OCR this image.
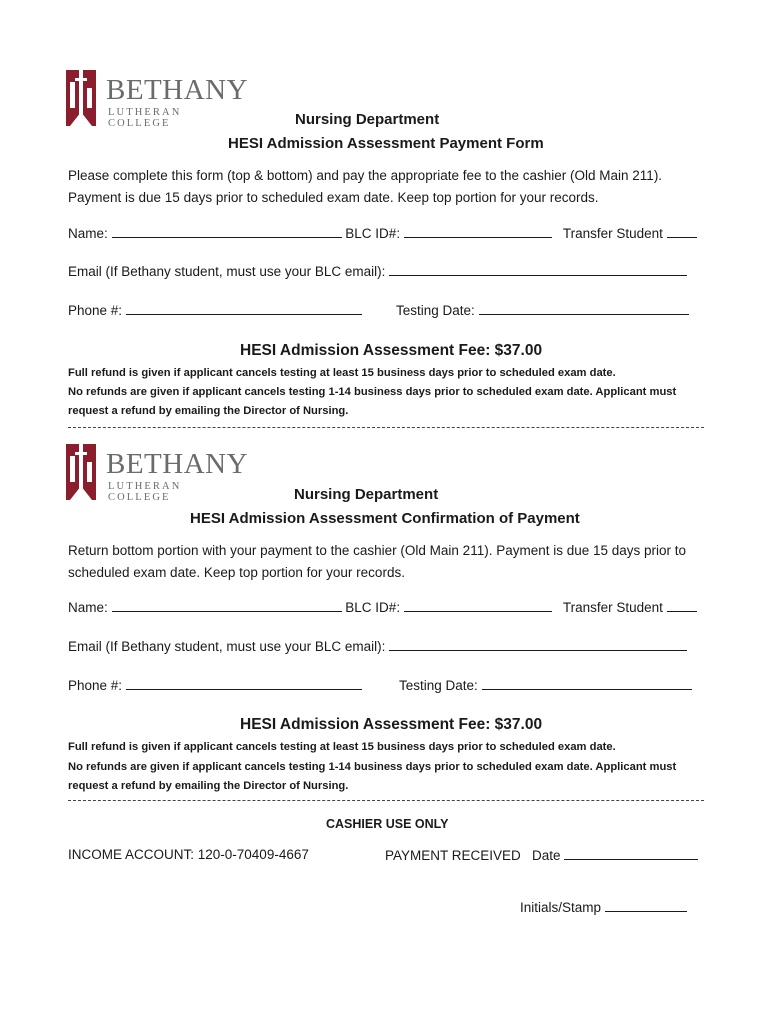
BETHANY
LUTHERAN COLLEGE	Nursing Department
HESI Admission Assessment Payment Form
Please complete this form (top & bottom) and pay the appropriate fee to the cashier (Old Main 211). Payment is due 15 days prior to scheduled exam date. Keep top portion for your records.
Name:	BLC ID#:	Transfer Student
Email (If Bethany student, must use your BLC email):
Phone #:	Testing Date:
HESI Admission Assessment Fee: $37.00
Full refund is given if applicant cancels testing at least 15 business days prior to scheduled exam date.
No refunds are given if applicant cancels testing 1-14 business days prior to scheduled exam date. Applicant must request a refund by emailing the Director of Nursing.
BETHANY
LUTHERAN COLLEGE	Nursing Department
HESI Admission Assessment Confirmation of Payment
Return bottom portion with your payment to the cashier (Old Main 211). Payment is due 15 days prior to scheduled exam date. Keep top portion for your records.
Name:	BLC ID#:	Transfer Student
Email (If Bethany student, must use your BLC email):
Phone #:	Testing Date:
HESI Admission Assessment Fee: $37.00
Full refund is given if applicant cancels testing at least 15 business days prior to scheduled exam date.
No refunds are given if applicant cancels testing 1-14 business days prior to scheduled exam date. Applicant must request a refund by emailing the Director of Nursing.
CASHIER USE ONLY
INCOME ACCOUNT: 120-0-70409-4667	PAYMENT RECEIVED Date
Initials/Stamp
